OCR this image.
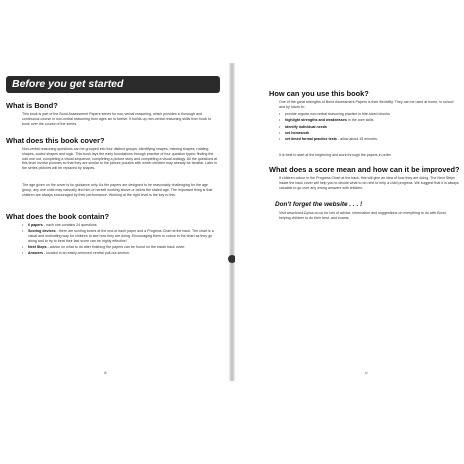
Before you get started
What is Bond?

This book is part of the Bond Assessment Papers series for non-verbal reasoning, which provides a thorough and continuous course in non-verbal reasoning from ages six to twelve. It builds up non-verbal reasoning skills from book to book over the course of the series.

What does this book cover?

Non-verbal reasoning questions can be grouped into four distinct groups: identifying shapes, missing shapes, rotating shapes, coded shapes and logic. This book lays the early foundations through practice of four question types: finding the odd one out, completing a visual sequence, completing a picture story and completing a visual analogy. All the questions at this level involve pictures so that they are similar to the picture puzzles with which children may already be familiar. Later in the series pictures will be replaced by shapes.

The age given on the cover is for guidance only. As the papers are designed to be reasonably challenging for the age group, any one child may naturally find him or herself working above or below the stated age. The important thing is that children are always encouraged by their performance. Working at the right level is the key to this.

What does the book contain?
• 6 papers - each one contains 24 questions.
• Scoring devices - there are scoring boxes at the end of each paper and a Progress Chart at the back. The chart is a visual and motivating way for children to see how they are doing. Encouraging them to colour in the chart as they go along and to try to beat their last score can be highly effective!
• Next Steps - advice on what to do after finishing the papers can be found on the inside back cover.
• Answers - located in an easily-removed central pull-out section.
iii
How can you use this book?

One of the great strengths of Bond Assessment Papers is their flexibility. They can be used at home, in school and by tutors to:

• provide regular non-verbal reasoning practice in bite-sized chunks
• highlight strengths and weaknesses in the core skills
• identify individual needs
• set homework
• set timed formal practice tests - allow about 15 minutes.

It is best to start at the beginning and work through the papers in order.

What does a score mean and how can it be improved?

If children colour in the Progress Chart at the back, this will give an idea of how they are doing. The Next Steps inside the back cover will help you to decide what to do next to help a child progress. We suggest that it is always valuable to go over any wrong answers with children.

Don't forget the website . . . !

Visit www.bond11plus.co.uk for lots of advice, information and suggestions on everything to do with Bond, helping children to do their best, and exams.

iv
